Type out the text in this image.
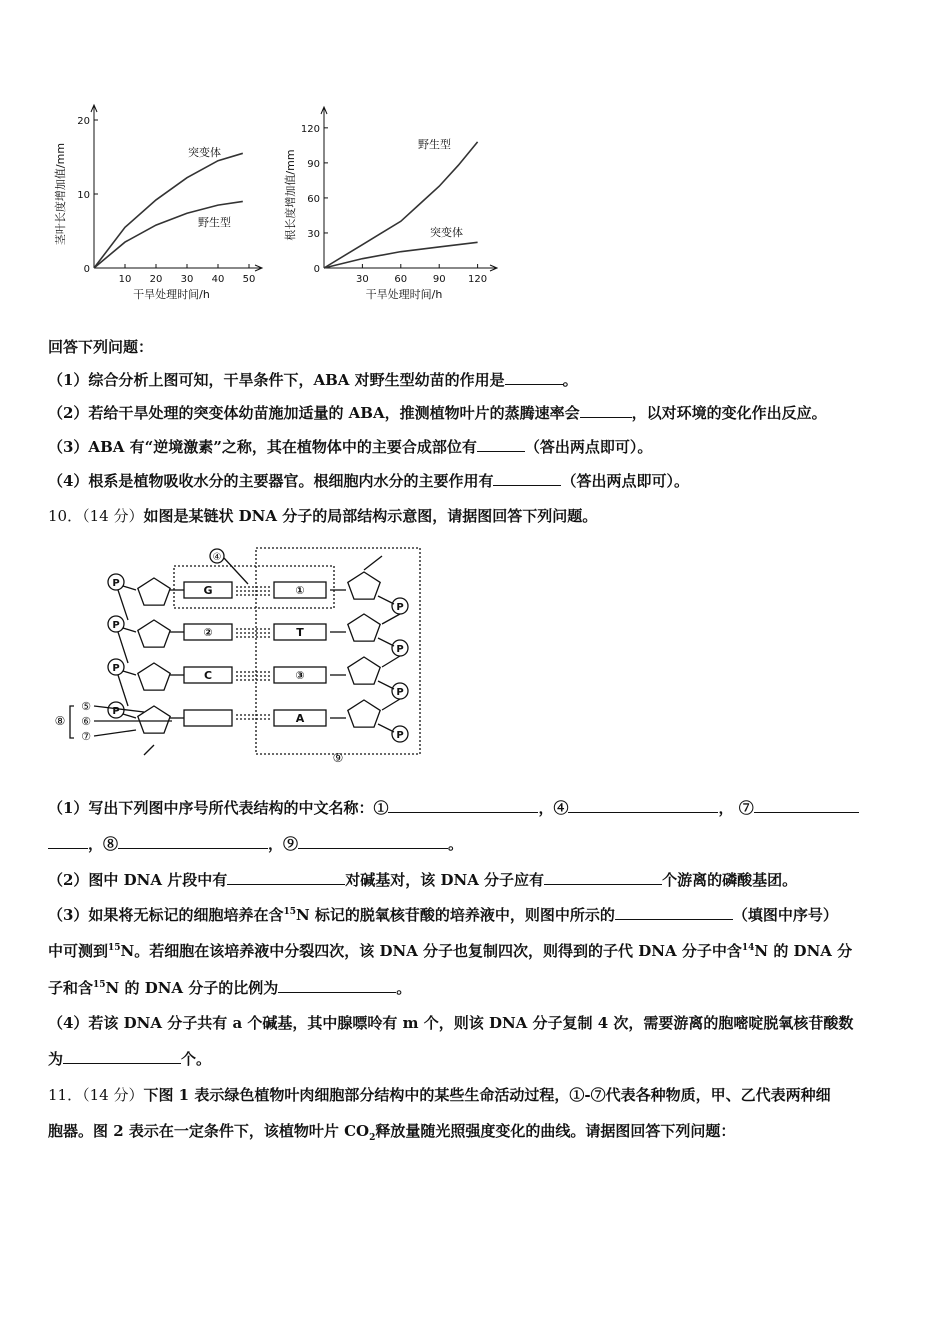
0
10
20
10 20 30 40 50
干旱处理时间/h
茎叶长度增加值/mm	突变体
野生型
0
30
60
90
120
30	60	90 120
干旱处理时间/h
根长度增加值/mm
野生型
突变体
回答下列问题：
（1）综合分析上图可知，干旱条件下，ABA 对野生型幼苗的作用是	。
（2）若给干旱处理的突变体幼苗施加适量的 ABA，推测植物叶片的蒸腾速率会	，以对环境的变化作出反应。
（3）ABA 有“逆境激素”之称，其在植物体中的主要合成部位有	（答出两点即可）。
（4）根系是植物吸收水分的主要器官。根细胞内水分的主要作用有	（答出两点即可）。
10．（14 分）如图是某链状 DNA 分子的局部结构示意图，请据图回答下列问题。
P
G	①
P
P
②	T
P
P
C	③
P
P
A
P
④
⑨
⑤
⑥
⑦
⑧
（1）写出下列图中序号所代表结构的中文名称：①	，④	， ⑦
，⑧	，⑨	。
（2）图中 DNA 片段中有	对碱基对，该 DNA 分子应有	个游离的磷酸基团。
（3）如果将无标记的细胞培养在含$^{15}$N 标记的脱氧核苷酸的培养液中，则图中所示的	（填图中序号）
中可测到$^{15}$N。若细胞在该培养液中分裂四次，该 DNA 分子也复制四次，则得到的子代 DNA 分子中含$^{14}$N 的 DNA 分
子和含$^{15}$N 的 DNA 分子的比例为	。
（4）若该 DNA 分子共有 a 个碱基，其中腺嘌呤有 m 个，则该 DNA 分子复制 4 次，需要游离的胞嘧啶脱氧核苷酸数
为	个。
11．（14 分）下图 1 表示绿色植物叶肉细胞部分结构中的某些生命活动过程，①-⑦代表各种物质，甲、乙代表两种细
胞器。图 2 表示在一定条件下，该植物叶片 $CO_2$释放量随光照强度变化的曲线。请据图回答下列问题：
